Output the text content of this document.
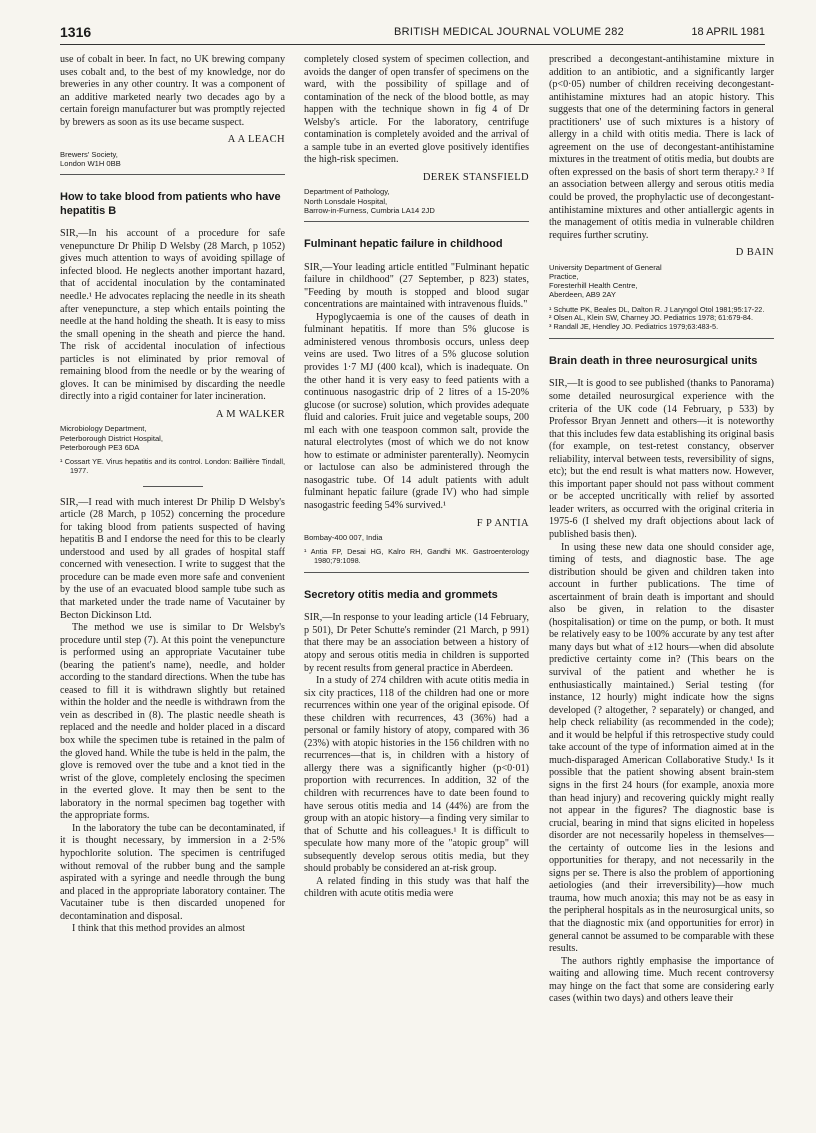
1316	BRITISH MEDICAL JOURNAL VOLUME 282	18 APRIL 1981

use of cobalt in beer. In fact, no UK brewing company uses cobalt and, to the best of my knowledge, nor do breweries in any other country. It was a component of an additive marketed nearly two decades ago by a certain foreign manufacturer but was promptly rejected by brewers as soon as its use became suspect.

A A LEACH
Brewers' Society,
London W1H 0BB
How to take blood from patients who have hepatitis B

SIR,—In his account of a procedure for safe venepuncture Dr Philip D Welsby (28 March, p 1052) gives much attention to ways of avoiding spillage of infected blood. He neglects another important hazard, that of accidental inoculation by the contaminated needle.¹ He advocates replacing the needle in its sheath after venepuncture, a step which entails pointing the needle at the hand holding the sheath. It is easy to miss the small opening in the sheath and pierce the hand. The risk of accidental inoculation of infectious particles is not eliminated by prior removal of remaining blood from the needle or by the wearing of gloves. It can be minimised by discarding the needle directly into a rigid container for later incineration.

A M WALKER
Microbiology Department,
Peterborough District Hospital,
Peterborough PE3 6DA
¹ Cossart YE. Virus hepatitis and its control. London: Baillière Tindall, 1977.

SIR,—I read with much interest Dr Philip D Welsby's article (28 March, p 1052) concerning the procedure for taking blood from patients suspected of having hepatitis B and I endorse the need for this to be clearly understood and used by all grades of hospital staff concerned with venesection. I write to suggest that the procedure can be made even more safe and convenient by the use of an evacuated blood sample tube such as that marketed under the trade name of Vacutainer by Becton Dickinson Ltd.

The method we use is similar to Dr Welsby's procedure until step (7). At this point the venepuncture is performed using an appropriate Vacutainer tube (bearing the patient's name), needle, and holder according to the standard directions. When the tube has ceased to fill it is withdrawn slightly but retained within the holder and the needle is withdrawn from the vein as described in (8). The plastic needle sheath is replaced and the needle and holder placed in a discard box while the specimen tube is retained in the palm of the gloved hand. While the tube is held in the palm, the glove is removed over the tube and a knot tied in the wrist of the glove, completely enclosing the specimen in the everted glove. It may then be sent to the laboratory in the normal specimen bag together with the appropriate forms.

In the laboratory the tube can be decontaminated, if it is thought necessary, by immersion in a 2·5% hypochlorite solution. The specimen is centrifuged without removal of the rubber bung and the sample aspirated with a syringe and needle through the bung and placed in the appropriate laboratory container. The Vacutainer tube is then discarded unopened for decontamination and disposal.

I think that this method provides an almost

completely closed system of specimen collection, and avoids the danger of open transfer of specimens on the ward, with the possibility of spillage and of contamination of the neck of the blood bottle, as may happen with the technique shown in fig 4 of Dr Welsby's article. For the laboratory, centrifuge contamination is completely avoided and the arrival of a sample tube in an everted glove positively identifies the high-risk specimen.

DEREK STANSFIELD
Department of Pathology,
North Lonsdale Hospital,
Barrow-in-Furness, Cumbria LA14 2JD
Fulminant hepatic failure in childhood

SIR,—Your leading article entitled "Fulminant hepatic failure in childhood" (27 September, p 823) states, "Feeding by mouth is stopped and blood sugar concentrations are maintained with intravenous fluids."

Hypoglycaemia is one of the causes of death in fulminant hepatitis. If more than 5% glucose is administered venous thrombosis occurs, unless deep veins are used. Two litres of a 5% glucose solution provides 1·7 MJ (400 kcal), which is inadequate. On the other hand it is very easy to feed patients with a continuous nasogastric drip of 2 litres of a 15-20% glucose (or sucrose) solution, which provides adequate fluid and calories. Fruit juice and vegetable soups, 200 ml each with one teaspoon common salt, provide the natural electrolytes (most of which we do not know how to estimate or administer parenterally). Neomycin or lactulose can also be administered through the nasogastric tube. Of 14 adult patients with adult fulminant hepatic failure (grade IV) who had simple nasogastric feeding 54% survived.¹

F P ANTIA
Bombay-400 007, India
¹ Antia FP, Desai HG, Kalro RH, Gandhi MK. Gastroenterology 1980;79:1098.
Secretory otitis media and grommets

SIR,—In response to your leading article (14 February, p 501), Dr Peter Schutte's reminder (21 March, p 991) that there may be an association between a history of atopy and serous otitis media in children is supported by recent results from general practice in Aberdeen.

In a study of 274 children with acute otitis media in six city practices, 118 of the children had one or more recurrences within one year of the original episode. Of these children with recurrences, 43 (36%) had a personal or family history of atopy, compared with 36 (23%) with atopic histories in the 156 children with no recurrences—that is, in children with a history of allergy there was a significantly higher (p<0·01) proportion with recurrences. In addition, 32 of the children with recurrences have to date been found to have serous otitis media and 14 (44%) are from the group with an atopic history—a finding very similar to that of Schutte and his colleagues.¹ It is difficult to speculate how many more of the "atopic group" will subsequently develop serous otitis media, but they should probably be considered an at-risk group.

A related finding in this study was that half the children with acute otitis media were

prescribed a decongestant-antihistamine mixture in addition to an antibiotic, and a significantly larger (p<0·05) number of children receiving decongestant-antihistamine mixtures had an atopic history. This suggests that one of the determining factors in general practitioners' use of such mixtures is a history of allergy in a child with otitis media. There is lack of agreement on the use of decongestant-antihistamine mixtures in the treatment of otitis media, but doubts are often expressed on the basis of short term therapy.² ³ If an association between allergy and serous otitis media could be proved, the prophylactic use of decongestant-antihistamine mixtures and other antiallergic agents in the management of otitis media in vulnerable children requires further scrutiny.

D BAIN
University Department of General
Practice,
Foresterhill Health Centre,
Aberdeen, AB9 2AY
¹ Schutte PK, Beales DL, Dalton R. J Laryngol Otol 1981;95:17-22.
² Olsen AL, Klein SW, Charney JO. Pediatrics 1978; 61:679-84.
³ Randall JE, Hendley JO. Pediatrics 1979;63:483-5.
Brain death in three neurosurgical units

SIR,—It is good to see published (thanks to Panorama) some detailed neurosurgical experience with the criteria of the UK code (14 February, p 533) by Professor Bryan Jennett and others—it is noteworthy that this includes few data establishing its original basis (for example, on test-retest constancy, observer reliability, interval between tests, reversibility of signs, etc); but the end result is what matters now. However, this important paper should not pass without comment or be accepted uncritically with relief by assorted leader writers, as occurred with the original criteria in 1975-6 (I shelved my draft objections about lack of published basis then).

In using these new data one should consider age, timing of tests, and diagnostic base. The age distribution should be given and children taken into account in further publications. The time of ascertainment of brain death is important and should also be given, in relation to the disaster (hospitalisation) or time on the pump, or both. It must be relatively easy to be 100% accurate by any test after many days but what of ±12 hours—when did absolute predictive certainty come in? (This bears on the survival of the patient and whether he is enthusiastically maintained.) Serial testing (for instance, 12 hourly) might indicate how the signs developed (? altogether, ? separately) or changed, and help check reliability (as recommended in the code); and it would be helpful if this retrospective study could take account of the type of information aimed at in the much-disparaged American Collaborative Study.¹ Is it possible that the patient showing absent brain-stem signs in the first 24 hours (for example, anoxia more than head injury) and recovering quickly might really not appear in the figures? The diagnostic base is crucial, bearing in mind that signs elicited in hopeless disorder are not necessarily hopeless in themselves—the certainty of outcome lies in the lesions and opportunities for therapy, and not necessarily in the signs per se. There is also the problem of apportioning aetiologies (and their irreversibility)—how much trauma, how much anoxia; this may not be as easy in the peripheral hospitals as in the neurosurgical units, so that the diagnostic mix (and opportunities for error) in general cannot be assumed to be comparable with these results.

The authors rightly emphasise the importance of waiting and allowing time. Much recent controversy may hinge on the fact that some are considering early cases (within two days) and others leave their
